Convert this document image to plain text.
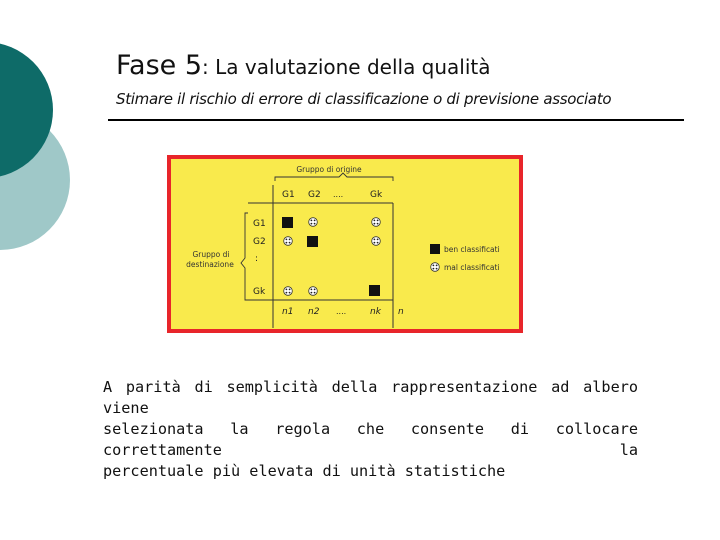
Fase 5: La valutazione della qualità
Stimare il rischio di errore di classificazione o di previsione associato
Gruppo di origine
G1 G2 ....	Gk
Gruppo di
destinazione
G1
G2
:
Gk
n1 n2 ....	nk n
ben classificati
mal classificati
A parità di semplicità della rappresentazione ad albero viene
selezionata la regola che consente di collocare correttamente la
percentuale più elevata di unità statistiche
